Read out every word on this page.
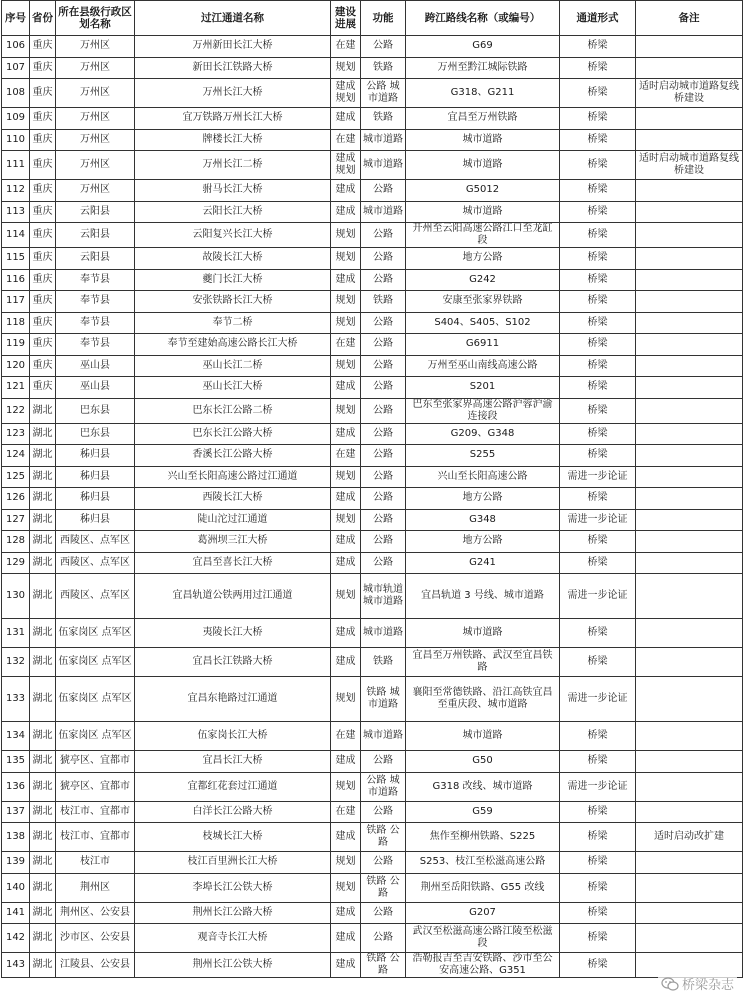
序号	省份	所在县级行政区划名称	过江通道名称	建设进展	功能	跨江路线名称（或编号）	通道形式	备注
106	重庆	万州区	万州新田长江大桥	在建	公路	G69	桥梁	
107	重庆	万州区	新田长江铁路大桥	规划	铁路	万州至黔江城际铁路	桥梁	
108	重庆	万州区	万州长江大桥	建成 规划	公路 城市道路	G318、G211	桥梁	适时启动城市道路复线桥建设
109	重庆	万州区	宜万铁路万州长江大桥	建成	铁路	宜昌至万州铁路	桥梁	
110	重庆	万州区	牌楼长江大桥	在建	城市道路	城市道路	桥梁	
111	重庆	万州区	万州长江二桥	建成 规划	城市道路	城市道路	桥梁	适时启动城市道路复线桥建设
112	重庆	万州区	驸马长江大桥	建成	公路	G5012	桥梁	
113	重庆	云阳县	云阳长江大桥	建成	城市道路	城市道路	桥梁	
114	重庆	云阳县	云阳复兴长江大桥	规划	公路	开州至云阳高速公路江口至龙缸段	桥梁	
115	重庆	云阳县	故陵长江大桥	规划	公路	地方公路	桥梁	
116	重庆	奉节县	夔门长江大桥	建成	公路	G242	桥梁	
117	重庆	奉节县	安张铁路长江大桥	规划	铁路	安康至张家界铁路	桥梁	
118	重庆	奉节县	奉节二桥	规划	公路	S404、S405、S102	桥梁	
119	重庆	奉节县	奉节至建始高速公路长江大桥	在建	公路	G6911	桥梁	
120	重庆	巫山县	巫山长江二桥	规划	公路	万州至巫山南线高速公路	桥梁	
121	重庆	巫山县	巫山长江大桥	建成	公路	S201	桥梁	
122	湖北	巴东县	巴东长江公路二桥	规划	公路	巴东至张家界高速公路沪蓉沪渝连接段	桥梁	
123	湖北	巴东县	巴东长江公路大桥	建成	公路	G209、G348	桥梁	
124	湖北	秭归县	香溪长江公路大桥	在建	公路	S255	桥梁	
125	湖北	秭归县	兴山至长阳高速公路过江通道	规划	公路	兴山至长阳高速公路	需进一步论证	
126	湖北	秭归县	西陵长江大桥	建成	公路	地方公路	桥梁	
127	湖北	秭归县	陡山沱过江通道	规划	公路	G348	需进一步论证	
128	湖北	西陵区、点军区	葛洲坝三江大桥	建成	公路	地方公路	桥梁	
129	湖北	西陵区、点军区	宜昌至喜长江大桥	建成	公路	G241	桥梁	
130	湖北	西陵区、点军区	宜昌轨道公铁两用过江通道	规划	城市轨道 城市道路	宜昌轨道 3 号线、城市道路	需进一步论证	
131	湖北	伍家岗区 点军区	夷陵长江大桥	建成	城市道路	城市道路	桥梁	
132	湖北	伍家岗区 点军区	宜昌长江铁路大桥	建成	铁路	宜昌至万州铁路、武汉至宜昌铁路	桥梁	
133	湖北	伍家岗区 点军区	宜昌东艳路过江通道	规划	铁路 城市道路	襄阳至常德铁路、沿江高铁宜昌至重庆段、城市道路	需进一步论证	
134	湖北	伍家岗区 点军区	伍家岗长江大桥	在建	城市道路	城市道路	桥梁	
135	湖北	猇亭区、宜都市	宜昌长江大桥	建成	公路	G50	桥梁	
136	湖北	猇亭区、宜都市	宜都红花套过江通道	规划	公路 城市道路	G318 改线、城市道路	需进一步论证	
137	湖北	枝江市、宜都市	白洋长江公路大桥	在建	公路	G59	桥梁	
138	湖北	枝江市、宜都市	枝城长江大桥	建成	铁路 公路	焦作至柳州铁路、S225	桥梁	适时启动改扩建
139	湖北	枝江市	枝江百里洲长江大桥	规划	公路	S253、枝江至松滋高速公路	桥梁	
140	湖北	荆州区	李埠长江公铁大桥	规划	铁路 公路	荆州至岳阳铁路、G55 改线	桥梁	
141	湖北	荆州区、公安县	荆州长江公路大桥	建成	公路	G207	桥梁	
142	湖北	沙市区、公安县	观音寺长江大桥	建成	公路	武汉至松滋高速公路江陵至松滋段	桥梁	
143	湖北	江陵县、公安县	荆州长江公铁大桥	建成	铁路 公路	浩勒报吉至吉安铁路、沙市至公安高速公路、G351	桥梁	
桥梁杂志
